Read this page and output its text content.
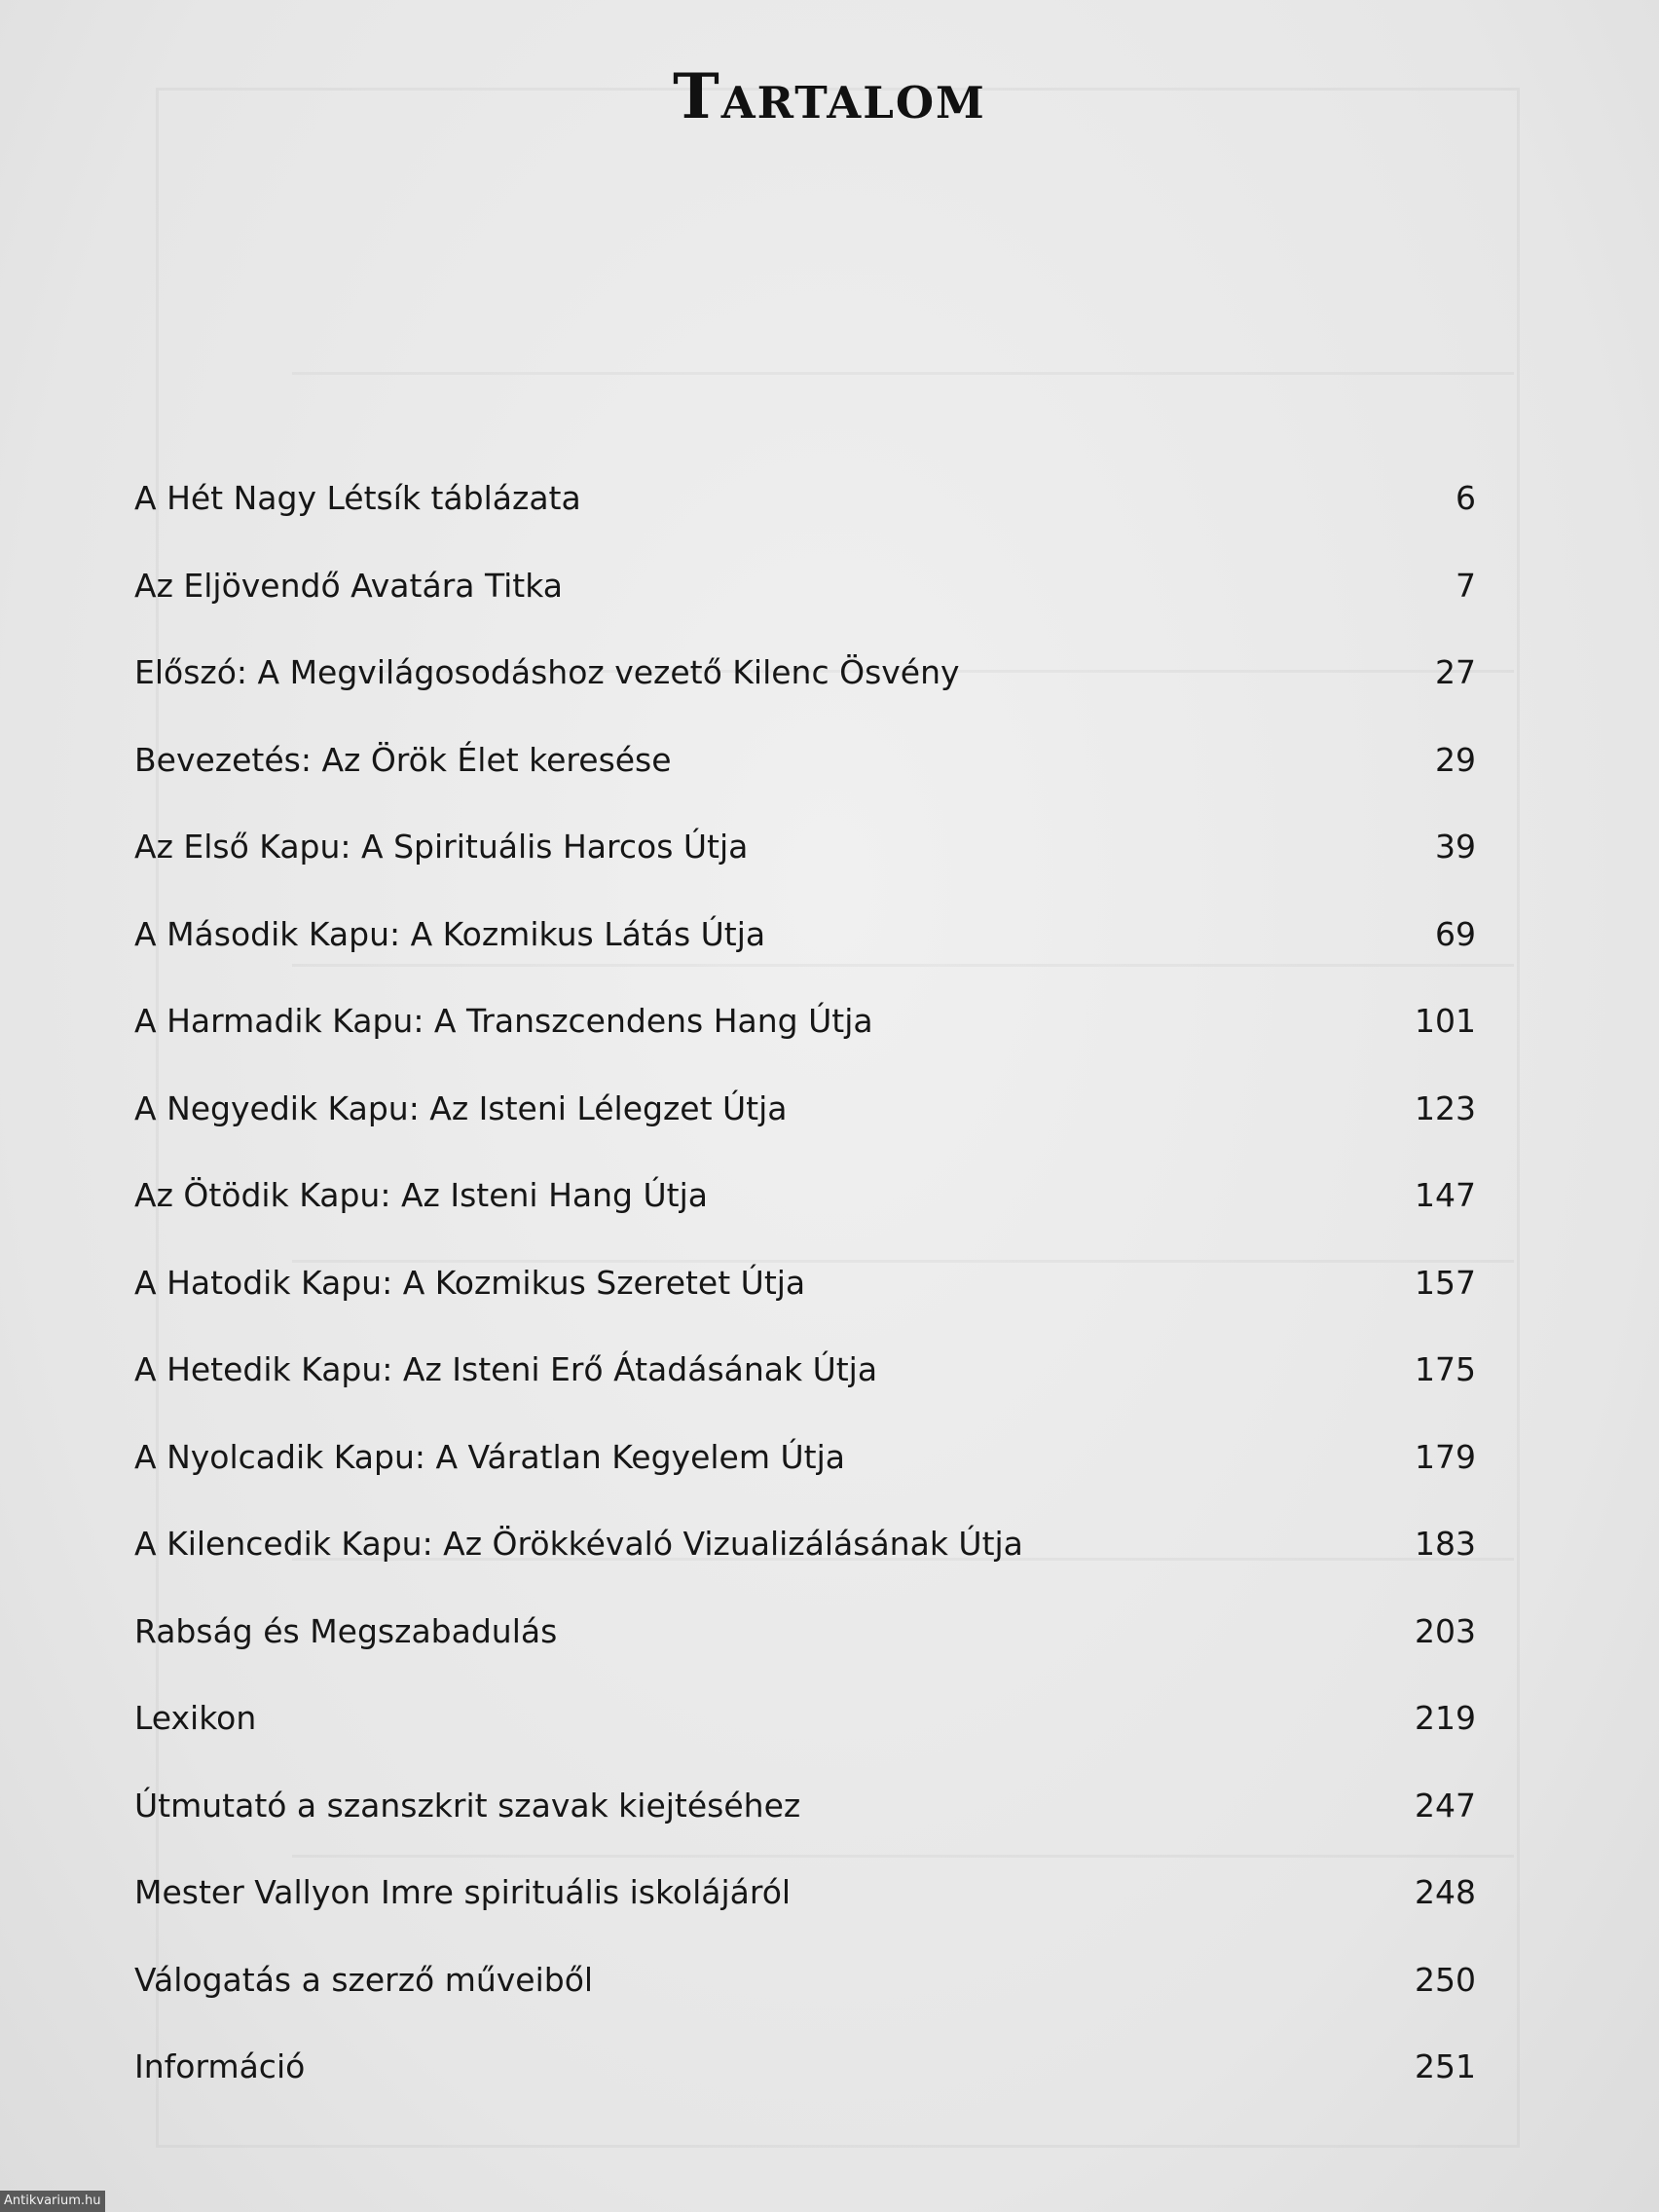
Tartalom
A Hét Nagy Létsík táblázata	6
Az Eljövendő Avatára Titka	7
Előszó: A Megvilágosodáshoz vezető Kilenc Ösvény	27
Bevezetés: Az Örök Élet keresése	29
Az Első Kapu: A Spirituális Harcos Útja	39
A Második Kapu: A Kozmikus Látás Útja	69
A Harmadik Kapu: A Transzcendens Hang Útja	101
A Negyedik Kapu: Az Isteni Lélegzet Útja	123
Az Ötödik Kapu: Az Isteni Hang Útja	147
A Hatodik Kapu: A Kozmikus Szeretet Útja	157
A Hetedik Kapu: Az Isteni Erő Átadásának Útja	175
A Nyolcadik Kapu: A Váratlan Kegyelem Útja	179
A Kilencedik Kapu: Az Örökkévaló Vizualizálásának Útja	183
Rabság és Megszabadulás	203
Lexikon	219
Útmutató a szanszkrit szavak kiejtéséhez	247
Mester Vallyon Imre spirituális iskolájáról	248
Válogatás a szerző műveiből	250
Információ	251
Antikvarium.hu
